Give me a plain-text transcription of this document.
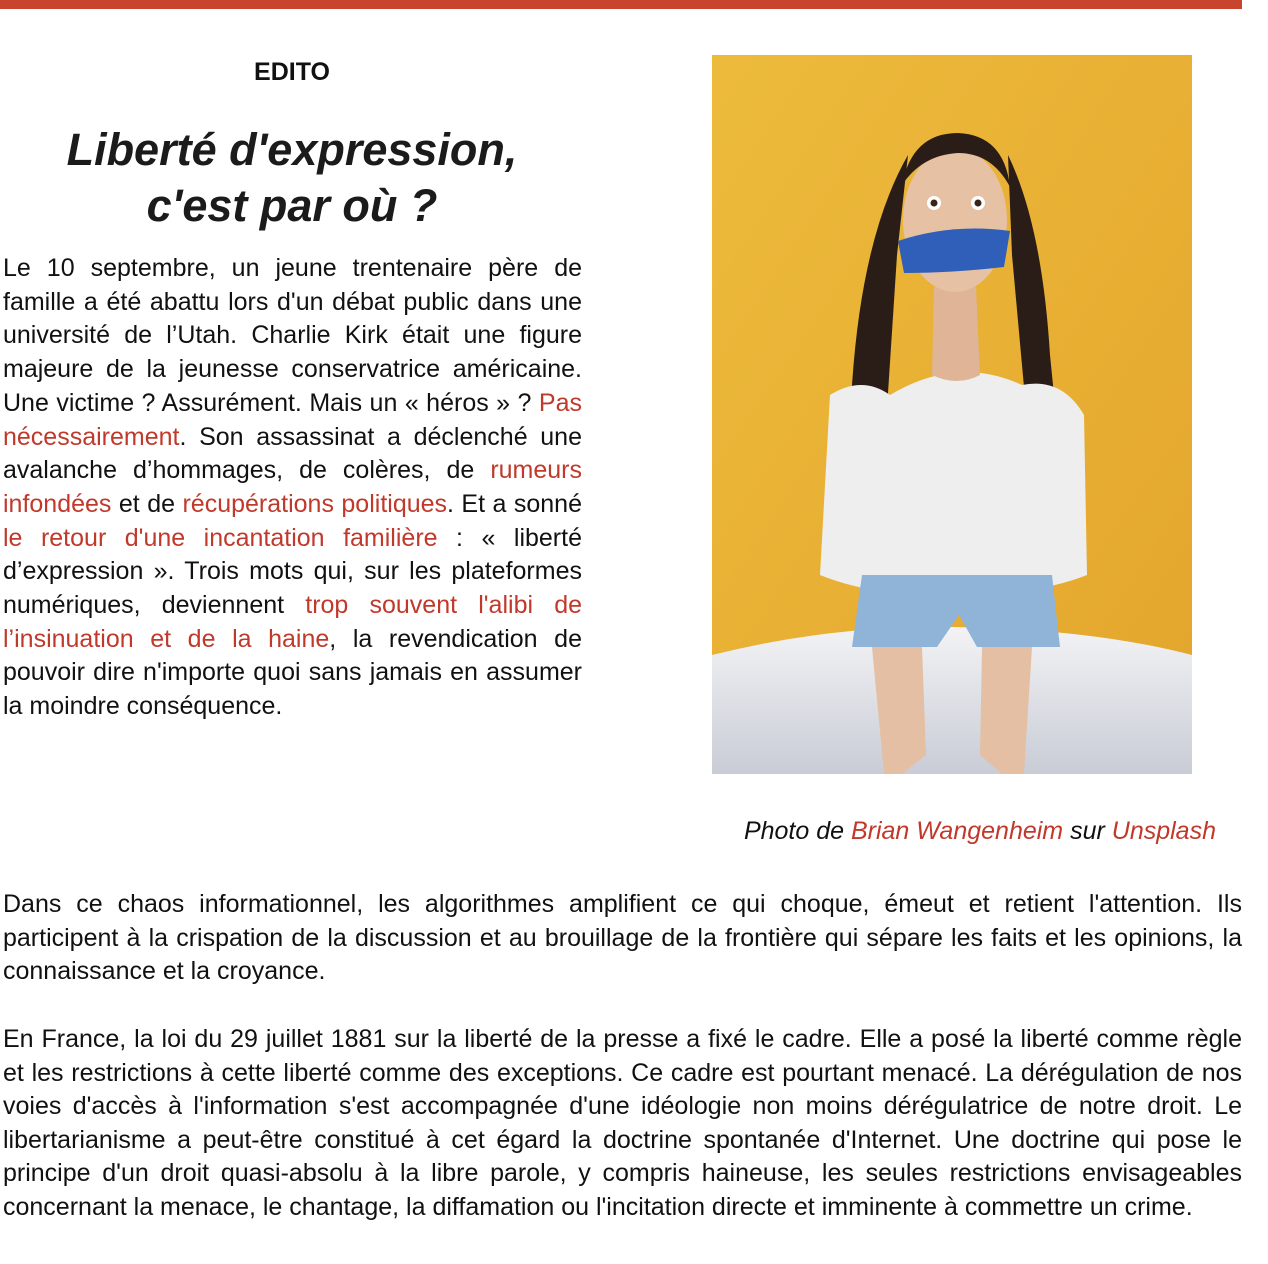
EDITO
Liberté d'expression,
c'est par où ?

Le 10 septembre, un jeune trentenaire père de famille a été abattu lors d'un débat public dans une université de l’Utah. Charlie Kirk était une figure majeure de la jeunesse conservatrice américaine. Une victime ? Assurément. Mais un « héros » ? Pas nécessairement. Son assassinat a déclenché une avalanche d’hommages, de colères, de rumeurs infondées et de récupérations politiques. Et a sonné le retour d'une incantation familière : « liberté d’expression ». Trois mots qui, sur les plateformes numériques, deviennent trop souvent l'alibi de l’insinuation et de la haine, la revendication de pouvoir dire n'importe quoi sans jamais en assumer la moindre conséquence.

Photo de Brian Wangenheim sur Unsplash

Dans ce chaos informationnel, les algorithmes amplifient ce qui choque, émeut et retient l'attention. Ils participent à la crispation de la discussion et au brouillage de la frontière qui sépare les faits et les opinions, la connaissance et la croyance.

En France, la loi du 29 juillet 1881 sur la liberté de la presse a fixé le cadre. Elle a posé la liberté comme règle et les restrictions à cette liberté comme des exceptions. Ce cadre est pourtant menacé. La dérégulation de nos voies d'accès à l'information s'est accompagnée d'une idéologie non moins dérégulatrice de notre droit. Le libertarianisme a peut-être constitué à cet égard la doctrine spontanée d'Internet. Une doctrine qui pose le principe d'un droit quasi-absolu à la libre parole, y compris haineuse, les seules restrictions envisageables concernant la menace, le chantage, la diffamation ou l'incitation directe et imminente à commettre un crime.
